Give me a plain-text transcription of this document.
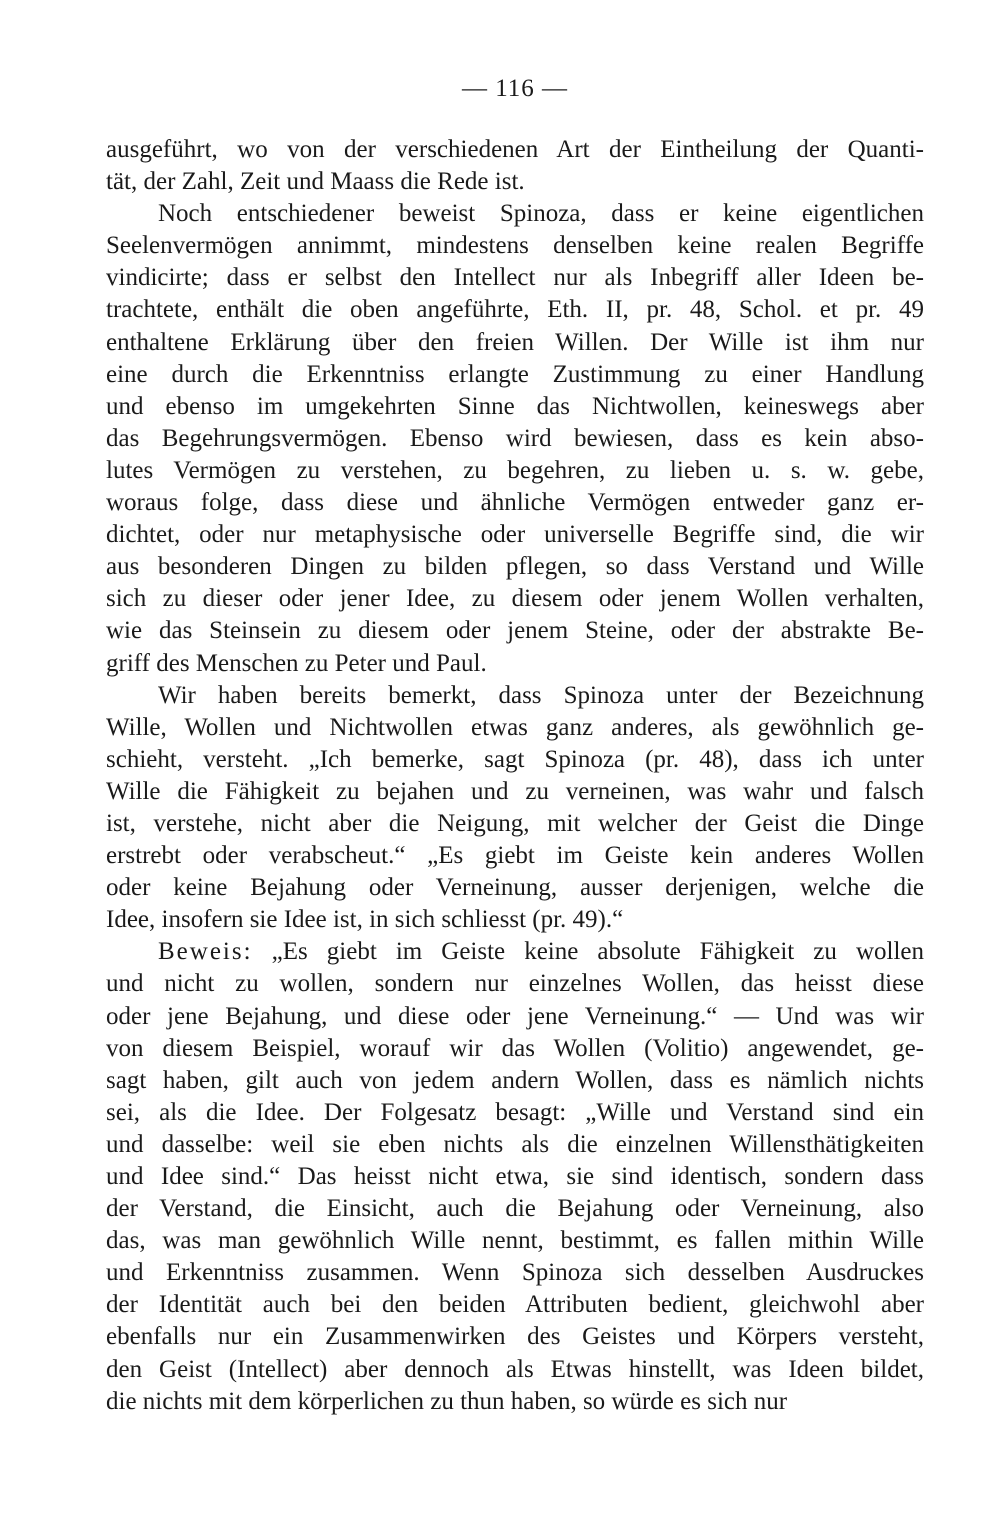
— 116 —
ausgeführt, wo von der verschiedenen Art der Eintheilung der Quanti-
tät, der Zahl, Zeit und Maass die Rede ist.
Noch entschiedener beweist Spinoza, dass er keine eigentlichen
Seelenvermögen annimmt, mindestens denselben keine realen Begriffe
vindicirte; dass er selbst den Intellect nur als Inbegriff aller Ideen be-
trachtete, enthält die oben angeführte, Eth. II, pr. 48, Schol. et pr. 49
enthaltene Erklärung über den freien Willen. Der Wille ist ihm nur
eine durch die Erkenntniss erlangte Zustimmung zu einer Handlung
und ebenso im umgekehrten Sinne das Nichtwollen, keineswegs aber
das Begehrungsvermögen. Ebenso wird bewiesen, dass es kein abso-
lutes Vermögen zu verstehen, zu begehren, zu lieben u. s. w. gebe,
woraus folge, dass diese und ähnliche Vermögen entweder ganz er-
dichtet, oder nur metaphysische oder universelle Begriffe sind, die wir
aus besonderen Dingen zu bilden pflegen, so dass Verstand und Wille
sich zu dieser oder jener Idee, zu diesem oder jenem Wollen verhalten,
wie das Steinsein zu diesem oder jenem Steine, oder der abstrakte Be-
griff des Menschen zu Peter und Paul.
Wir haben bereits bemerkt, dass Spinoza unter der Bezeichnung
Wille, Wollen und Nichtwollen etwas ganz anderes, als gewöhnlich ge-
schieht, versteht. „Ich bemerke, sagt Spinoza (pr. 48), dass ich unter
Wille die Fähigkeit zu bejahen und zu verneinen, was wahr und falsch
ist, verstehe, nicht aber die Neigung, mit welcher der Geist die Dinge
erstrebt oder verabscheut.“ „Es giebt im Geiste kein anderes Wollen
oder keine Bejahung oder Verneinung, ausser derjenigen, welche die
Idee, insofern sie Idee ist, in sich schliesst (pr. 49).“
Beweis: „Es giebt im Geiste keine absolute Fähigkeit zu wollen
und nicht zu wollen, sondern nur einzelnes Wollen, das heisst diese
oder jene Bejahung, und diese oder jene Verneinung.“ — Und was wir
von diesem Beispiel, worauf wir das Wollen (Volitio) angewendet, ge-
sagt haben, gilt auch von jedem andern Wollen, dass es nämlich nichts
sei, als die Idee. Der Folgesatz besagt: „Wille und Verstand sind ein
und dasselbe: weil sie eben nichts als die einzelnen Willensthätigkeiten
und Idee sind.“ Das heisst nicht etwa, sie sind identisch, sondern dass
der Verstand, die Einsicht, auch die Bejahung oder Verneinung, also
das, was man gewöhnlich Wille nennt, bestimmt, es fallen mithin Wille
und Erkenntniss zusammen. Wenn Spinoza sich desselben Ausdruckes
der Identität auch bei den beiden Attributen bedient, gleichwohl aber
ebenfalls nur ein Zusammenwirken des Geistes und Körpers versteht,
den Geist (Intellect) aber dennoch als Etwas hinstellt, was Ideen bildet,
die nichts mit dem körperlichen zu thun haben, so würde es sich nur
